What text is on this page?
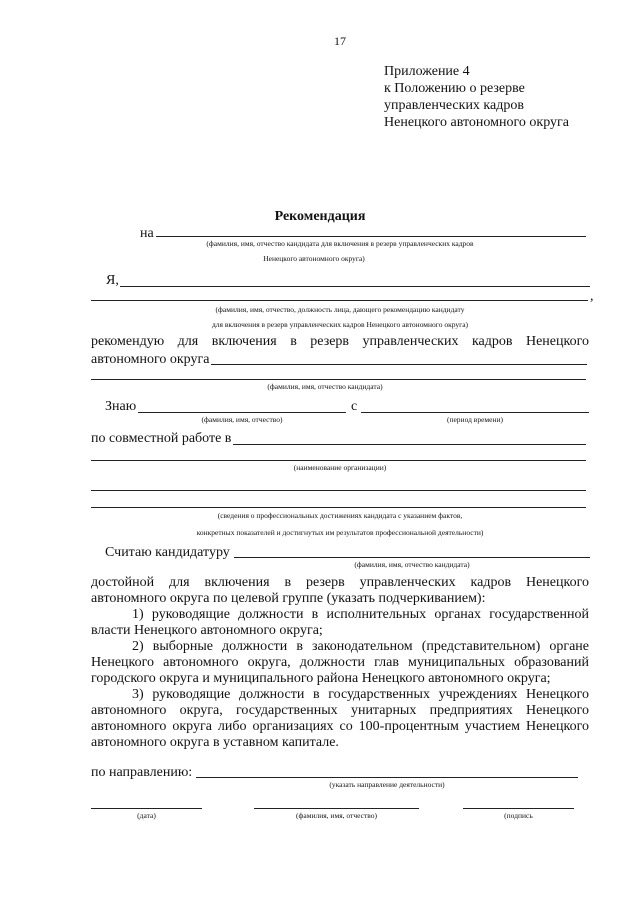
17
Приложение 4
к Положению о резерве
управленческих кадров
Ненецкого автономного округа
Рекомендация
на
(фамилия, имя, отчество кандидата для включения в резерв управленческих кадров
Ненецкого автономного округа)
Я,
,
(фамилия, имя, отчество, должность лица, дающего рекомендацию кандидату
для включения в резерв управленческих кадров Ненецкого автономного округа)
рекомендую для включения в резерв управленческих кадров Ненецкого
автономного округа
(фамилия, имя, отчество кандидата)
Знаю	с
(фамилия, имя, отчество)	(период времени)
по совместной работе в
(наименование организации)
(сведения о профессиональных достижениях кандидата с указанием фактов,
конкретных показателей и достигнутых им результатов профессиональной деятельности)
Считаю кандидатуру
(фамилия, имя, отчество кандидата)
достойной для включения в резерв управленческих кадров Ненецкого
автономного округа по целевой группе (указать подчеркиванием):
1) руководящие должности в исполнительных органах государственной власти Ненецкого автономного округа;
2) выборные должности в законодательном (представительном) органе Ненецкого автономного округа, должности глав муниципальных образований городского округа и муниципального района Ненецкого автономного округа;
3) руководящие должности в государственных учреждениях Ненецкого автономного округа, государственных унитарных предприятиях Ненецкого автономного округа либо организациях со 100-процентным участием Ненецкого автономного округа в уставном капитале.
по направлению:
(указать направление деятельности)
(дата)	(фамилия, имя, отчество)	(подпись
